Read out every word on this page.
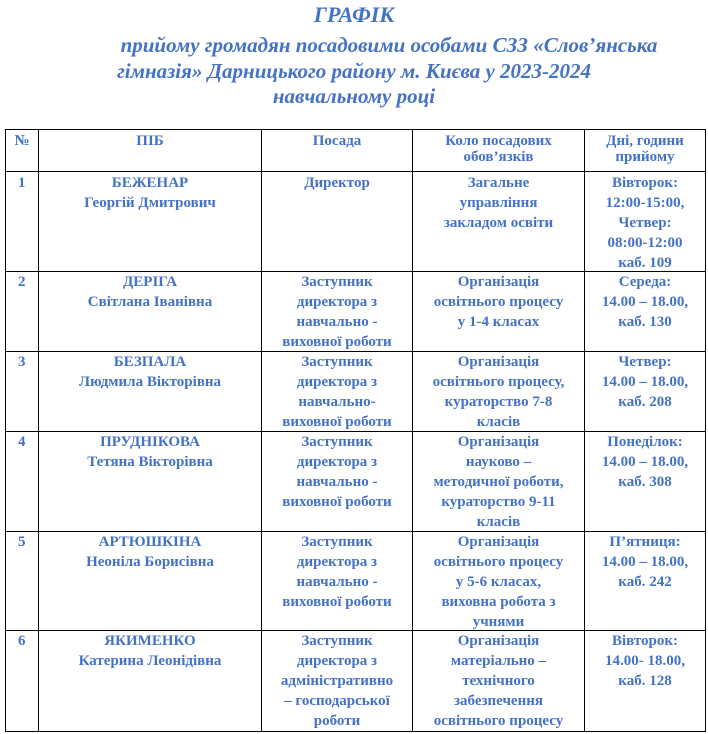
ГРАФІК

прийому громадян посадовими особами СЗЗ «Слов’янська
гімназія» Дарницького району м. Києва у 2023-2024
навчальному році

№	ПІБ	Посада	Коло посадових обов’язків	Дні, години прийому
1	БЕЖЕНАР
Георгій Дмитрович	Директор	Загальне
управління
закладом освіти	Вівторок:
12:00-15:00,
Четвер:
08:00-12:00
каб. 109

2	ДЕРІГА
Світлана Іванівна	Заступник
директора з
навчально -
виховної роботи	Організація
освітнього процесу
у 1-4 класах	Середа:
14.00 – 18.00,
каб. 130

3	БЕЗПАЛА
Людмила Вікторівна	Заступник
директора з
навчально-
виховної роботи	Організація
освітнього процесу,
кураторство 7-8
класів	Четвер:
14.00 – 18.00,
каб. 208

4	ПРУДНІКОВА
Тетяна Вікторівна	Заступник
директора з
навчально -
виховної роботи	Організація
науково –
методичної роботи,
кураторство 9-11
класів	Понеділок:
14.00 – 18.00,
каб. 308

5	АРТЮШКІНА
Неоніла Борисівна	Заступник
директора з
навчально -
виховної роботи	Організація
освітнього процесу
у 5-6 класах,
виховна робота з
учнями	П’ятниця:
14.00 – 18.00,
каб. 242

6	ЯКИМЕНКО
Катерина Леонідівна	Заступник
директора з
адміністративно
– господарської
роботи	Організація
матеріально –
технічного
забезпечення
освітнього процесу	Вівторок:
14.00- 18.00,
каб. 128
